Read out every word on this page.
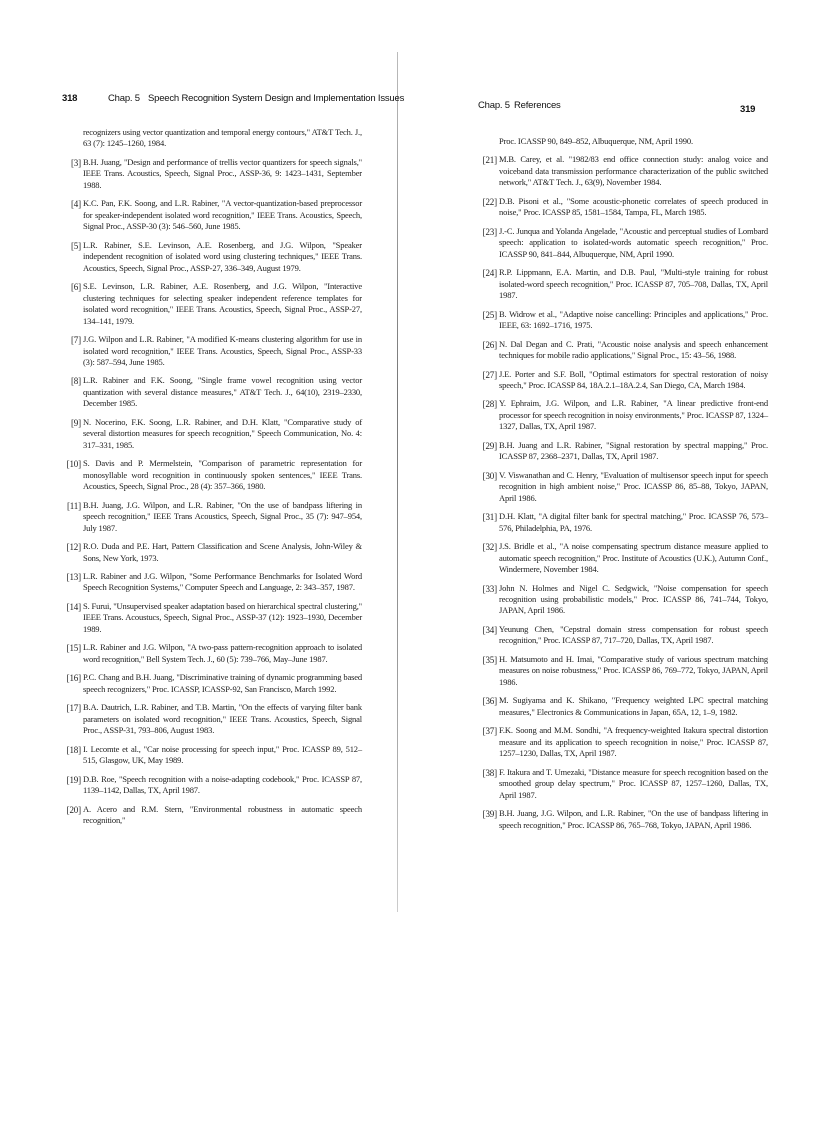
318	Chap. 5 Speech Recognition System Design and Implementation Issues
recognizers using vector quantization and temporal energy contours," AT&T Tech. J., 63 (7): 1245–1260, 1984.
[3] B.H. Juang, "Design and performance of trellis vector quantizers for speech signals," IEEE Trans. Acoustics, Speech, Signal Proc., ASSP-36, 9: 1423–1431, September 1988.
[4] K.C. Pan, F.K. Soong, and L.R. Rabiner, "A vector-quantization-based preprocessor for speaker-independent isolated word recognition," IEEE Trans. Acoustics, Speech, Signal Proc., ASSP-30 (3): 546–560, June 1985.
[5] L.R. Rabiner, S.E. Levinson, A.E. Rosenberg, and J.G. Wilpon, "Speaker independent recognition of isolated word using clustering techniques," IEEE Trans. Acoustics, Speech, Signal Proc., ASSP-27, 336–349, August 1979.
[6] S.E. Levinson, L.R. Rabiner, A.E. Rosenberg, and J.G. Wilpon, "Interactive clustering techniques for selecting speaker independent reference templates for isolated word recognition," IEEE Trans. Acoustics, Speech, Signal Proc., ASSP-27, 134–141, 1979.
[7] J.G. Wilpon and L.R. Rabiner, "A modified K-means clustering algorithm for use in isolated word recognition," IEEE Trans. Acoustics, Speech, Signal Proc., ASSP-33 (3): 587–594, June 1985.
[8] L.R. Rabiner and F.K. Soong, "Single frame vowel recognition using vector quantization with several distance measures," AT&T Tech. J., 64(10), 2319–2330, December 1985.
[9] N. Nocerino, F.K. Soong, L.R. Rabiner, and D.H. Klatt, "Comparative study of several distortion measures for speech recognition," Speech Communication, No. 4: 317–331, 1985.
[10] S. Davis and P. Mermelstein, "Comparison of parametric representation for monosyllable word recognition in continuously spoken sentences," IEEE Trans. Acoustics, Speech, Signal Proc., 28 (4): 357–366, 1980.
[11] B.H. Juang, J.G. Wilpon, and L.R. Rabiner, "On the use of bandpass liftering in speech recognition," IEEE Trans Acoustics, Speech, Signal Proc., 35 (7): 947–954, July 1987.
[12] R.O. Duda and P.E. Hart, Pattern Classification and Scene Analysis, John-Wiley & Sons, New York, 1973.
[13] L.R. Rabiner and J.G. Wilpon, "Some Performance Benchmarks for Isolated Word Speech Recognition Systems," Computer Speech and Language, 2: 343–357, 1987.
[14] S. Furui, "Unsupervised speaker adaptation based on hierarchical spectral clustering," IEEE Trans. Acoustucs, Speech, Signal Proc., ASSP-37 (12): 1923–1930, December 1989.
[15] L.R. Rabiner and J.G. Wilpon, "A two-pass pattern-recognition approach to isolated word recognition," Bell System Tech. J., 60 (5): 739–766, May–June 1987.
[16] P.C. Chang and B.H. Juang, "Discriminative training of dynamic programming based speech recognizers," Proc. ICASSP, ICASSP-92, San Francisco, March 1992.
[17] B.A. Dautrich, L.R. Rabiner, and T.B. Martin, "On the effects of varying filter bank parameters on isolated word recognition," IEEE Trans. Acoustics, Speech, Signal Proc., ASSP-31, 793–806, August 1983.
[18] I. Lecomte et al., "Car noise processing for speech input," Proc. ICASSP 89, 512–515, Glasgow, UK, May 1989.
[19] D.B. Roe, "Speech recognition with a noise-adapting codebook," Proc. ICASSP 87, 1139–1142, Dallas, TX, April 1987.
[20] A. Acero and R.M. Stern, "Environmental robustness in automatic speech recognition,"
Chap. 5 References	319
Proc. ICASSP 90, 849–852, Albuquerque, NM, April 1990.
[21] M.B. Carey, et al. "1982/83 end office connection study: analog voice and voiceband data transmission performance characterization of the public switched network," AT&T Tech. J., 63(9), November 1984.
[22] D.B. Pisoni et al., "Some acoustic-phonetic correlates of speech produced in noise," Proc. ICASSP 85, 1581–1584, Tampa, FL, March 1985.
[23] J.-C. Junqua and Yolanda Angelade, "Acoustic and perceptual studies of Lombard speech: application to isolated-words automatic speech recognition," Proc. ICASSP 90, 841–844, Albuquerque, NM, April 1990.
[24] R.P. Lippmann, E.A. Martin, and D.B. Paul, "Multi-style training for robust isolated-word speech recognition," Proc. ICASSP 87, 705–708, Dallas, TX, April 1987.
[25] B. Widrow et al., "Adaptive noise cancelling: Principles and applications," Proc. IEEE, 63: 1692–1716, 1975.
[26] N. Dal Degan and C. Prati, "Acoustic noise analysis and speech enhancement techniques for mobile radio applications," Signal Proc., 15: 43–56, 1988.
[27] J.E. Porter and S.F. Boll, "Optimal estimators for spectral restoration of noisy speech," Proc. ICASSP 84, 18A.2.1–18A.2.4, San Diego, CA, March 1984.
[28] Y. Ephraim, J.G. Wilpon, and L.R. Rabiner, "A linear predictive front-end processor for speech recognition in noisy environments," Proc. ICASSP 87, 1324–1327, Dallas, TX, April 1987.
[29] B.H. Juang and L.R. Rabiner, "Signal restoration by spectral mapping," Proc. ICASSP 87, 2368–2371, Dallas, TX, April 1987.
[30] V. Viswanathan and C. Henry, "Evaluation of multisensor speech input for speech recognition in high ambient noise," Proc. ICASSP 86, 85–88, Tokyo, JAPAN, April 1986.
[31] D.H. Klatt, "A digital filter bank for spectral matching," Proc. ICASSP 76, 573–576, Philadelphia, PA, 1976.
[32] J.S. Bridle et al., "A noise compensating spectrum distance measure applied to automatic speech recognition," Proc. Institute of Acoustics (U.K.), Autumn Conf., Windermere, November 1984.
[33] John N. Holmes and Nigel C. Sedgwick, "Noise compensation for speech recognition using probabilistic models," Proc. ICASSP 86, 741–744, Tokyo, JAPAN, April 1986.
[34] Yeunung Chen, "Cepstral domain stress compensation for robust speech recognition," Proc. ICASSP 87, 717–720, Dallas, TX, April 1987.
[35] H. Matsumoto and H. Imai, "Comparative study of various spectrum matching measures on noise robustness," Proc. ICASSP 86, 769–772, Tokyo, JAPAN, April 1986.
[36] M. Sugiyama and K. Shikano, "Frequency weighted LPC spectral matching measures," Electronics & Communications in Japan, 65A, 12, 1–9, 1982.
[37] F.K. Soong and M.M. Sondhi, "A frequency-weighted Itakura spectral distortion measure and its application to speech recognition in noise," Proc. ICASSP 87, 1257–1230, Dallas, TX, April 1987.
[38] F. Itakura and T. Umezaki, "Distance measure for speech recognition based on the smoothed group delay spectrum," Proc. ICASSP 87, 1257–1260, Dallas, TX, April 1987.
[39] B.H. Juang, J.G. Wilpon, and L.R. Rabiner, "On the use of bandpass liftering in speech recognition," Proc. ICASSP 86, 765–768, Tokyo, JAPAN, April 1986.
